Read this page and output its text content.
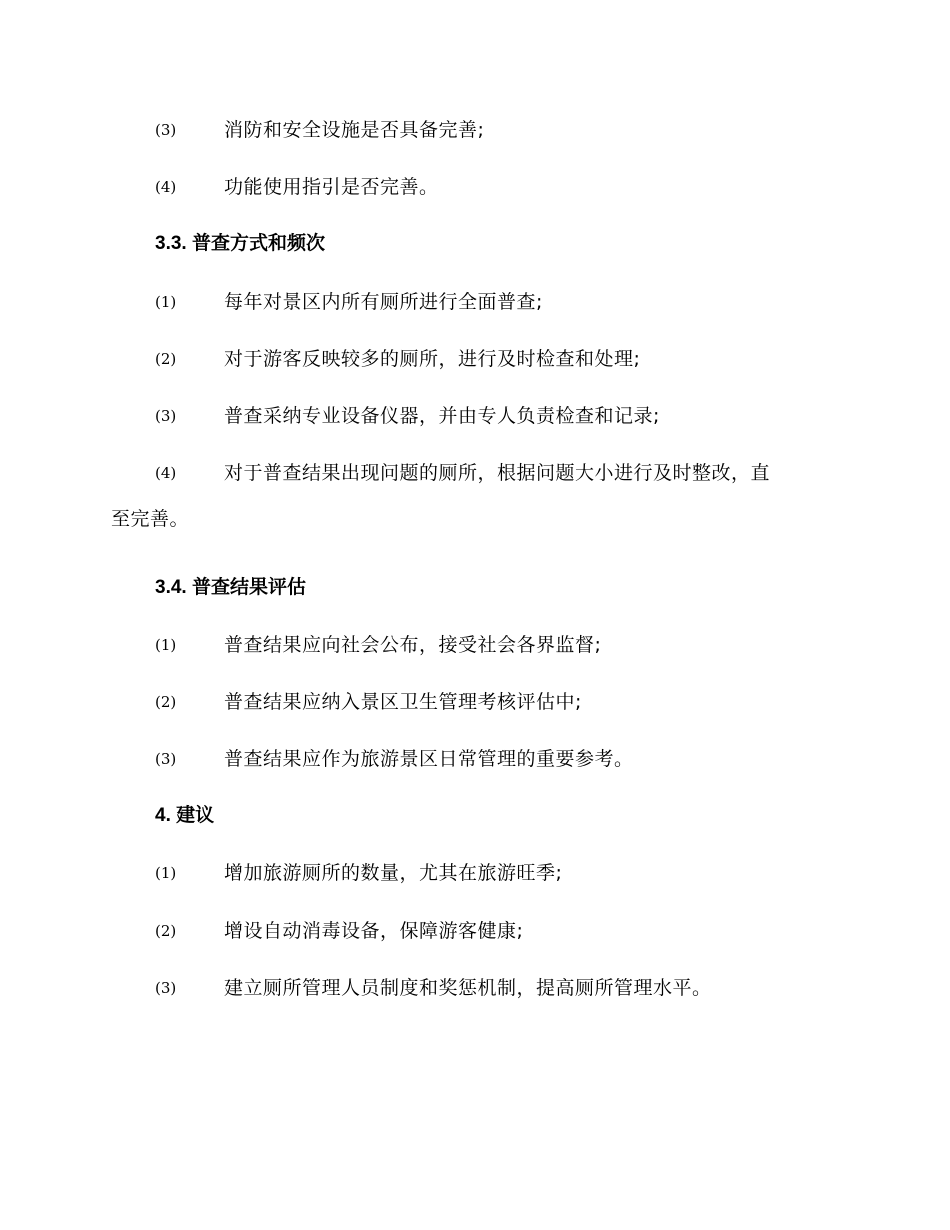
(3)	消防和安全设施是否具备完善;
(4)	功能使用指引是否完善。
3.3. 普查方式和频次
(1)	每年对景区内所有厕所进行全面普查;
(2)	对于游客反映较多的厕所，进行及时检查和处理;
(3)	普查采纳专业设备仪器，并由专人负责检查和记录;
(4)	对于普查结果出现问题的厕所，根据问题大小进行及时整改，直
至完善。
3.4. 普查结果评估
(1)	普查结果应向社会公布，接受社会各界监督;
(2)	普查结果应纳入景区卫生管理考核评估中;
(3)	普查结果应作为旅游景区日常管理的重要参考。
4. 建议
(1)	增加旅游厕所的数量，尤其在旅游旺季;
(2)	增设自动消毒设备，保障游客健康;
(3)	建立厕所管理人员制度和奖惩机制，提高厕所管理水平。
